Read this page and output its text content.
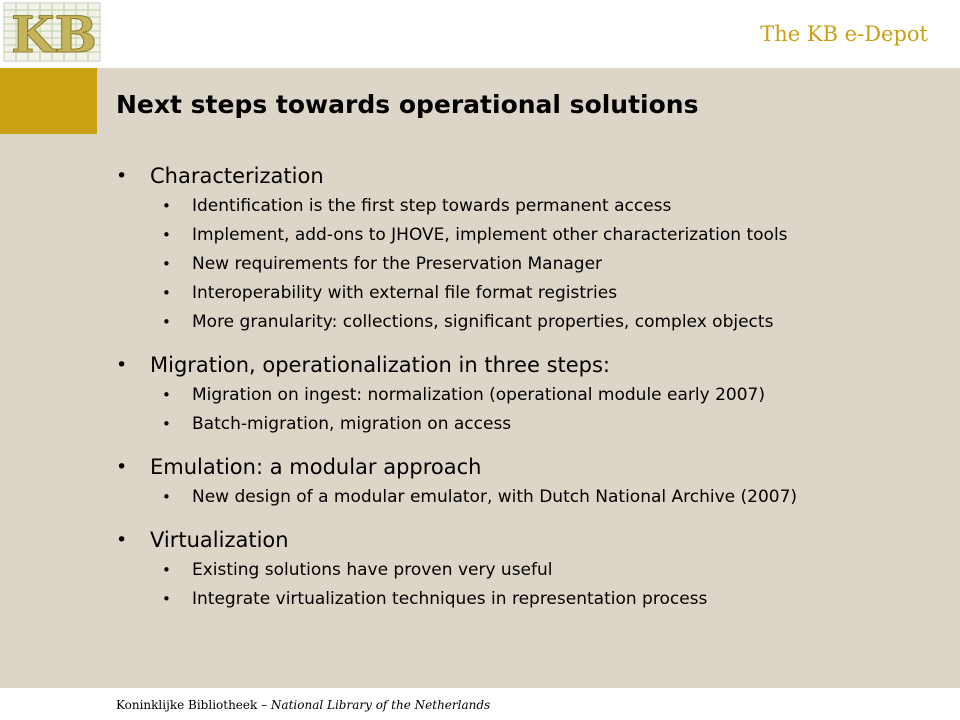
KB	The KB e-Depot
Next steps towards operational solutions
• Characterization
• Identification is the first step towards permanent access
• Implement, add-ons to JHOVE, implement other characterization tools
• New requirements for the Preservation Manager
• Interoperability with external file format registries
• More granularity: collections, significant properties, complex objects
• Migration, operationalization in three steps:
• Migration on ingest: normalization (operational module early 2007)
• Batch-migration, migration on access
• Emulation: a modular approach
• New design of a modular emulator, with Dutch National Archive (2007)
• Virtualization
• Existing solutions have proven very useful
• Integrate virtualization techniques in representation process
Koninklijke Bibliotheek – National Library of the Netherlands
